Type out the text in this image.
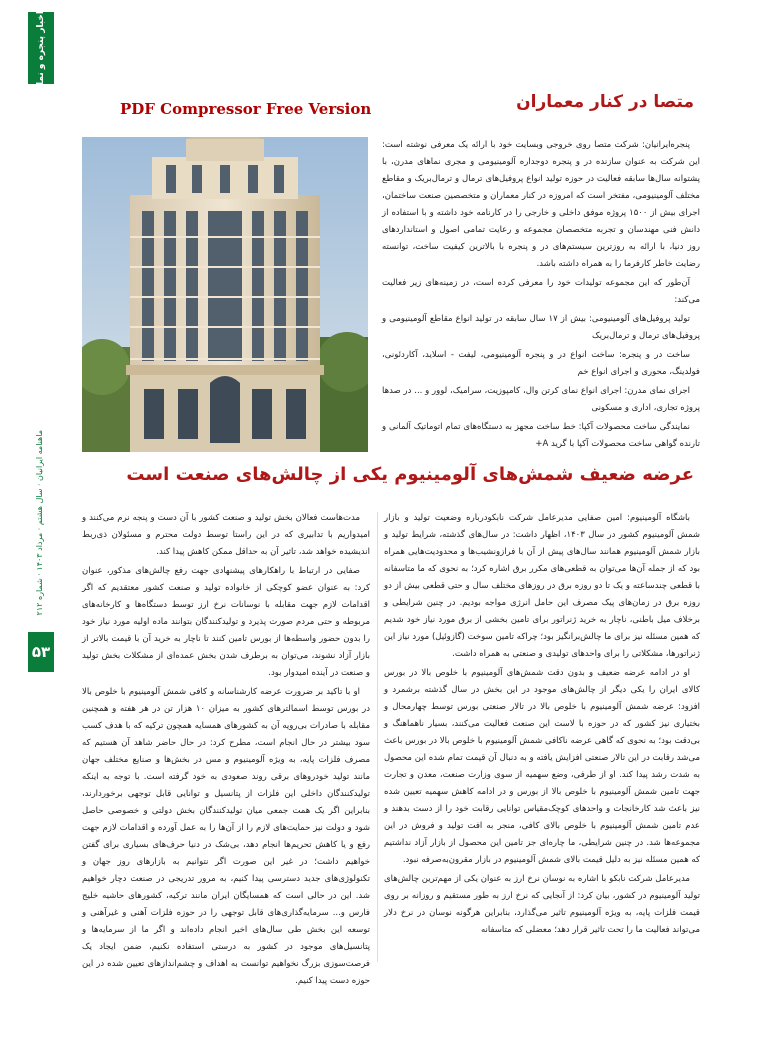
اخبار پنجره و نما
ماهنامه ایرانیان · سال هشتم · مرداد ۱۴۰۳ · شماره ۲۱۲
۵۳
PDF Compressor Free Version	متصا در کنار معماران

پنجره‌ایرانیان: شرکت متصا روی خروجی وبسایت خود با ارائه یک معرفی نوشته است: این شرکت به عنوان سازنده در و پنجره دوجداره آلومینیومی و مجری نماهای مدرن، با پشتوانه سال‌ها سابقه فعالیت در حوزه تولید انواع پروفیل‌های ترمال و ترمال‌بریک و مقاطع مختلف آلومینیومی، مفتخر است که امروزه در کنار معماران و متخصصین صنعت ساختمان، اجرای بیش از ۱۵۰۰ پروژه موفق داخلی و خارجی را در کارنامه خود داشته و با استفاده از دانش فنی مهندسان و تجربه متخصصان مجموعه و رعایت تمامی اصول و استانداردهای روز دنیا، با ارائه به روزترین سیستم‌های در و پنجره با بالاترین کیفیت ساخت، توانسته رضایت خاطر کارفرما را به همراه داشته باشد.

آن‌طور که این مجموعه تولیدات خود را معرفی کرده است، در زمینه‌های زیر فعالیت می‌کند:

تولید پروفیل‌های آلومینیومی: بیش از ۱۷ سال سابقه در تولید انواع مقاطع آلومینیومی و پروفیل‌های ترمال و ترمال‌بریک

ساخت در و پنجره: ساخت انواع در و پنجره آلومینیومی، لیفت - اسلاید، آکاردئونی، فولدینگ، محوری و اجرای انواع خم

اجرای نمای مدرن: اجرای انواع نمای کرتن وال، کامپوزیت، سرامیک، لوور و ... در صدها پروژه تجاری، اداری و مسکونی

نمایندگی ساخت محصولات آکپا: خط ساخت مجهز به دستگاه‌های تمام اتوماتیک آلمانی و تارنده گواهی ساخت محصولات آکپا با گرید A+

عرضه ضعیف شمش‌های آلومینیوم یکی از چالش‌های صنعت است

باشگاه آلومینیوم: امین صفایی مدیرعامل شرکت نابکودرباره وضعیت تولید و بازار شمش آلومینیوم کشور در سال ۱۴۰۳، اظهار داشت: در سال‌های گذشته، شرایط تولید و بازار شمش آلومینیوم همانند سال‌های پیش از آن با فرازونشیب‌ها و محدودیت‌هایی همراه بود که از جمله آن‌ها می‌توان به قطعی‌های مکرر برق اشاره کرد؛ به نحوی که ما متاسفانه با قطعی چندساعته و یک تا دو روزه برق در روزهای مختلف سال و حتی قطعی بیش از دو روزه برق در زمان‌های پیک مصرف این حامل انرژی مواجه بودیم. در چنین شرایطی و برخلاف میل باطنی، ناچار به خرید ژنراتور برای تامین بخشی از برق مورد نیاز خود شدیم که همین مسئله نیز برای ما چالش‌برانگیز بود؛ چراکه تامین سوخت (گازوئیل) مورد نیاز این ژنراتورها، مشکلاتی را برای واحدهای تولیدی و صنعتی به همراه داشت.

او در ادامه عرضه ضعیف و بدون دقت شمش‌های آلومینیوم با خلوص بالا در بورس کالای ایران را یکی دیگر از چالش‌های موجود در این بخش در سال گذشته برشمرد و افزود: عرضه شمش آلومینیوم با خلوص بالا در تالار صنعتی بورس توسط چهارمحال و بختیاری نیز کشور که در حوزه با لاست این صنعت فعالیت می‌کنند، بسیار ناهماهنگ و بی‌دقت بود؛ به نحوی که گاهی عرضه ناکافی شمش آلومینیوم با خلوص بالا در بورس باعث می‌شد رقابت در این تالار صنعتی افزایش یافته و به دنبال آن قیمت تمام شده این محصول به شدت رشد پیدا کند. او از طرفی، وضع سهمیه از سوی وزارت صنعت، معدن و تجارت جهت تامین شمش آلومینیوم با خلوص بالا از بورس و در ادامه کاهش سهمیه تعیین شده نیز باعث شد کارخانجات و واحدهای کوچک‌مقیاس توانایی رقابت خود را از دست بدهند و عدم تامین شمش آلومینیوم با خلوص بالای کافی، منجر به افت تولید و فروش در این مجموعه‌ها شد. در چنین شرایطی، ما چاره‌ای جز تامین این محصول از بازار آزاد نداشتیم که همین مسئله نیز به دلیل قیمت بالای شمش آلومینیوم در بازار مقرون‌به‌صرفه نبود.

مدیرعامل شرکت نابکو با اشاره به نوسان نرخ ارز به عنوان یکی از مهم‌ترین چالش‌های تولید آلومینیوم در کشور، بیان کرد: از آنجایی که نرخ ارز به طور مستقیم و روزانه بر روی قیمت فلزات پایه، به ویژه آلومینیوم تاثیر می‌گذارد، بنابراین هرگونه نوسان در نرخ دلار می‌تواند فعالیت ما را تحت تاثیر قرار دهد؛ معضلی که متاسفانه

مدت‌هاست فعالان بخش تولید و صنعت کشور با آن دست و پنجه نرم می‌کنند و امیدواریم با تدابیری که در این راستا توسط دولت محترم و مسئولان ذی‌ربط اندیشیده خواهد شد، تاثیر آن به حداقل ممکن کاهش پیدا کند.

صفایی در ارتباط با راهکارهای پیشنهادی جهت رفع چالش‌های مذکور، عنوان کرد: به عنوان عضو کوچکی از خانواده تولید و صنعت کشور معتقدیم که اگر اقدامات لازم جهت مقابله با نوسانات نرخ ارز توسط دستگاه‌ها و کارخانه‌های مربوطه و حتی مردم صورت پذیرد و تولیدکنندگان بتوانند ماده اولیه مورد نیاز خود را بدون حضور واسطه‌ها از بورس تامین کنند تا ناچار به خرید آن با قیمت بالاتر از بازار آزاد نشوند، می‌توان به برطرف شدن بخش عمده‌ای از مشکلات بخش تولید و صنعت در آینده امیدوار بود.

او با تاکید بر ضرورت عرضه کارشناسانه و کافی شمش آلومینیوم با خلوص بالا در بورس توسط اسمالترهای کشور به میزان ۱۰ هزار تن در هر هفته و همچنین مقابله با صادرات بی‌رویه آن به کشورهای همسایه همچون ترکیه که با هدف کسب سود بیشتر در حال انجام است، مطرح کرد: در حال حاضر شاهد آن هستیم که مصرف فلزات پایه، به ویژه آلومینیوم و مس در بخش‌ها و صنایع مختلف جهان مانند تولید خودروهای برقی روند صعودی به خود گرفته است. با توجه به اینکه تولیدکنندگان داخلی این فلزات از پتانسیل و توانایی قابل توجهی برخوردارند، بنابراین اگر یک همت جمعی میان تولیدکنندگان بخش دولتی و خصوصی حاصل شود و دولت نیز حمایت‌های لازم را از آن‌ها را به عمل آورده و اقدامات لازم جهت رفع و یا کاهش تحریم‌ها انجام دهد، بی‌شک در دنیا حرف‌های بسیاری برای گفتن خواهیم داشت؛ در غیر این صورت اگر نتوانیم به بازارهای روز جهان و تکنولوژی‌های جدید دسترسی پیدا کنیم، به مرور تدریجی در صنعت دچار خواهیم شد. این در حالی است که همسایگان ایران مانند ترکیه، کشورهای حاشیه خلیج فارس و... سرمایه‌گذاری‌های قابل توجهی را در حوزه فلزات آهنی و غیرآهنی و توسعه این بخش طی سال‌های اخیر انجام داده‌اند و اگر ما از سرمایه‌ها و پتانسیل‌های موجود در کشور به درستی استفاده نکنیم، ضمن ایجاد یک فرصت‌سوزی بزرگ نخواهیم توانست به اهداف و چشم‌اندازهای تعیین شده در این حوزه دست پیدا کنیم.
